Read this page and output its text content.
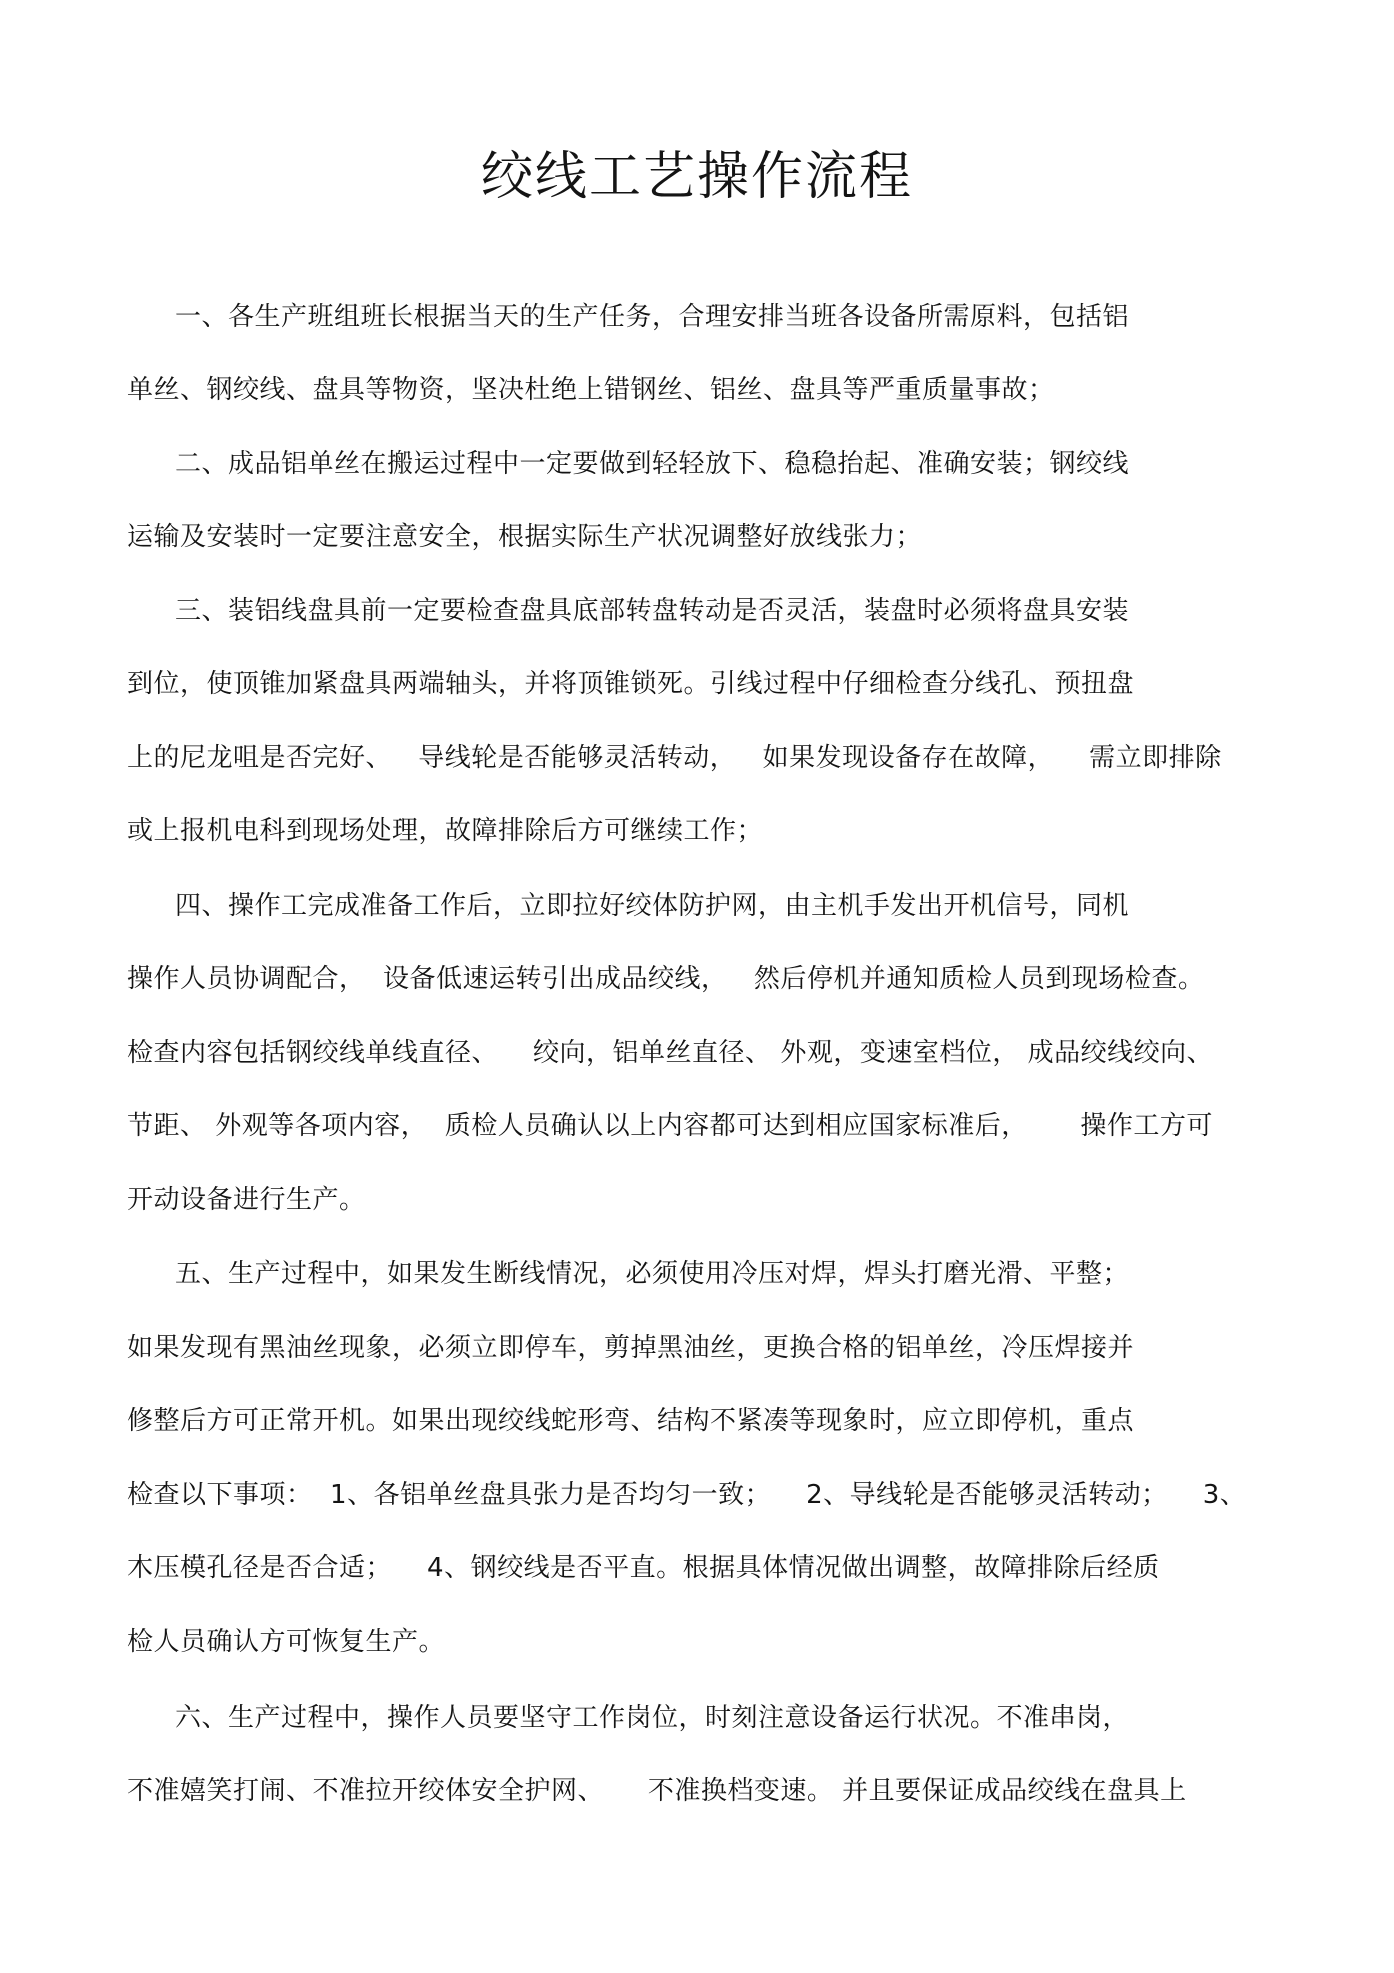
绞线工艺操作流程
一、各生产班组班长根据当天的生产任务，合理安排当班各设备所需原料，包括铝
单丝、钢绞线、盘具等物资，坚决杜绝上错钢丝、铝丝、盘具等严重质量事故；
二、成品铝单丝在搬运过程中一定要做到轻轻放下、稳稳抬起、准确安装；钢绞线
运输及安装时一定要注意安全，根据实际生产状况调整好放线张力；
三、装铝线盘具前一定要检查盘具底部转盘转动是否灵活，装盘时必须将盘具安装
到位，使顶锥加紧盘具两端轴头，并将顶锥锁死。引线过程中仔细检查分线孔、预扭盘
上的尼龙咀是否完好、   导线轮是否能够灵活转动，   如果发现设备存在故障，    需立即排除
或上报机电科到现场处理，故障排除后方可继续工作；
四、操作工完成准备工作后，立即拉好绞体防护网，由主机手发出开机信号，同机
操作人员协调配合，  设备低速运转引出成品绞线，   然后停机并通知质检人员到现场检查。
检查内容包括钢绞线单线直径、    绞向，铝单丝直径、 外观，变速室档位， 成品绞线绞向、
节距、 外观等各项内容，  质检人员确认以上内容都可达到相应国家标准后，      操作工方可
开动设备进行生产。
五、生产过程中，如果发生断线情况，必须使用冷压对焊，焊头打磨光滑、平整；
如果发现有黑油丝现象，必须立即停车，剪掉黑油丝，更换合格的铝单丝，冷压焊接并
修整后方可正常开机。如果出现绞线蛇形弯、结构不紧凑等现象时，应立即停机，重点
检查以下事项：  1、各铝单丝盘具张力是否均匀一致；    2、导线轮是否能够灵活转动；    3、
木压模孔径是否合适；    4、钢绞线是否平直。根据具体情况做出调整，故障排除后经质
检人员确认方可恢复生产。
六、生产过程中，操作人员要坚守工作岗位，时刻注意设备运行状况。不准串岗，
不准嬉笑打闹、不准拉开绞体安全护网、     不准换档变速。 并且要保证成品绞线在盘具上
